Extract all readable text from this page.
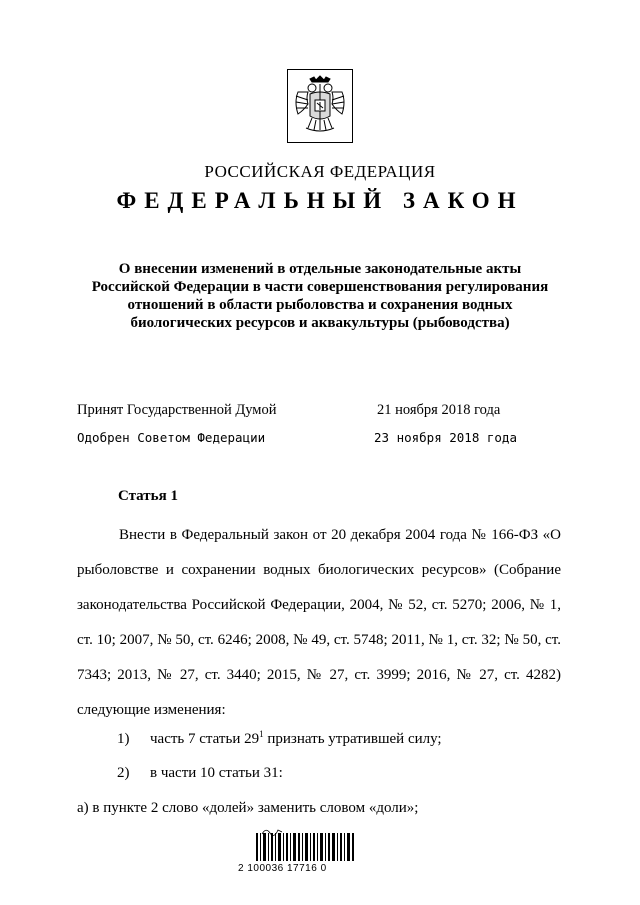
РОССИЙСКАЯ ФЕДЕРАЦИЯ
ФЕДЕРАЛЬНЫЙ ЗАКОН
О внесении изменений в отдельные законодательные акты
Российской Федерации в части совершенствования регулирования
отношений в области рыболовства и сохранения водных
биологических ресурсов и аквакультуры (рыбоводства)
Принят Государственной Думой	21 ноября 2018 года
Одобрен Советом Федерации	23 ноября 2018 года
Статья 1

Внести в Федеральный закон от 20 декабря 2004 года № 166-ФЗ «О рыболовстве и сохранении водных биологических ресурсов» (Собрание законодательства Российской Федерации, 2004, № 52, ст. 5270; 2006, № 1, ст. 10; 2007, № 50, ст. 6246; 2008, № 49, ст. 5748; 2011, № 1, ст. 32; № 50, ст. 7343; 2013, № 27, ст. 3440; 2015, № 27, ст. 3999; 2016, № 27, ст. 4282) следующие изменения:

1) часть 7 статьи $29^1$ признать утратившей силу;
2) в части 10 статьи 31:
а) в пункте 2 слово «долей» заменить словом «доли»;
2 100036 17716 0
